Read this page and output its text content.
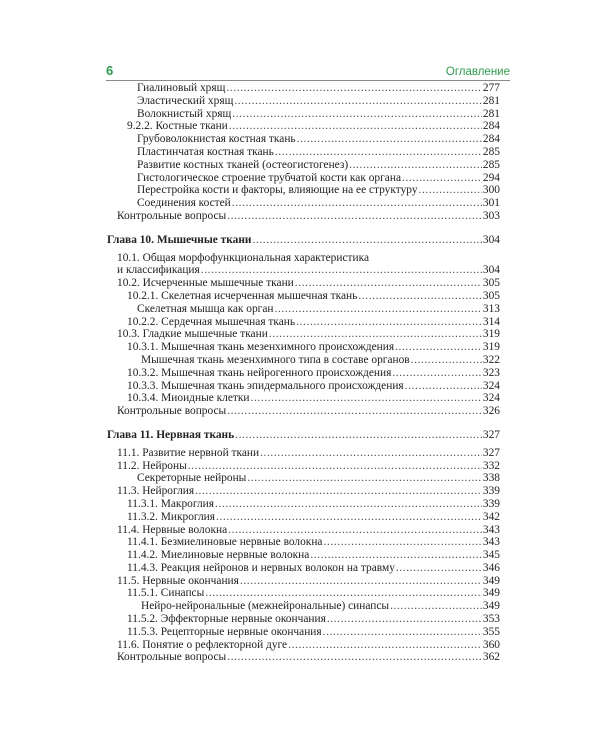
6	Оглавление
Гиалиновый хрящ .....	277
Эластический хрящ .....	281
Волокнистый хрящ .....	281
9.2.2. Костные ткани .....	284
Грубоволокнистая костная ткань .....	284
Пластинчатая костная ткань .....	285
Развитие костных тканей (остеогистогенез) .....	285
Гистологическое строение трубчатой кости как органа .....	294
Перестройка кости и факторы, влияющие на ее структуру .....	300
Соединения костей .....	301
Контрольные вопросы .....	303
Глава 10. Мышечные ткани .....	304
10.1. Общая морфофункциональная характеристика
и классификация .....	304
10.2. Исчерченные мышечные ткани .....	305
10.2.1. Скелетная исчерченная мышечная ткань .....	305
Скелетная мышца как орган .....	313
10.2.2. Сердечная мышечная ткань .....	314
10.3. Гладкие мышечные ткани .....	319
10.3.1. Мышечная ткань мезенхимного происхождения .....	319
Мышечная ткань мезенхимного типа в составе органов .....	322
10.3.2. Мышечная ткань нейрогенного происхождения .....	323
10.3.3. Мышечная ткань эпидермального происхождения .....	324
10.3.4. Миоидные клетки .....	324
Контрольные вопросы .....	326
Глава 11. Нервная ткань .....	327
11.1. Развитие нервной ткани .....	327
11.2. Нейроны .....	332
Секреторные нейроны .....	338
11.3. Нейроглия .....	339
11.3.1. Макроглия .....	339
11.3.2. Микроглия .....	342
11.4. Нервные волокна .....	343
11.4.1. Безмиелиновые нервные волокна .....	343
11.4.2. Миелиновые нервные волокна .....	345
11.4.3. Реакция нейронов и нервных волокон на травму .....	346
11.5. Нервные окончания .....	349
11.5.1. Синапсы .....	349
Нейро-нейрональные (межнейрональные) синапсы .....	349
11.5.2. Эффекторные нервные окончания .....	353
11.5.3. Рецепторные нервные окончания .....	355
11.6. Понятие о рефлекторной дуге .....	360
Контрольные вопросы .....	362
